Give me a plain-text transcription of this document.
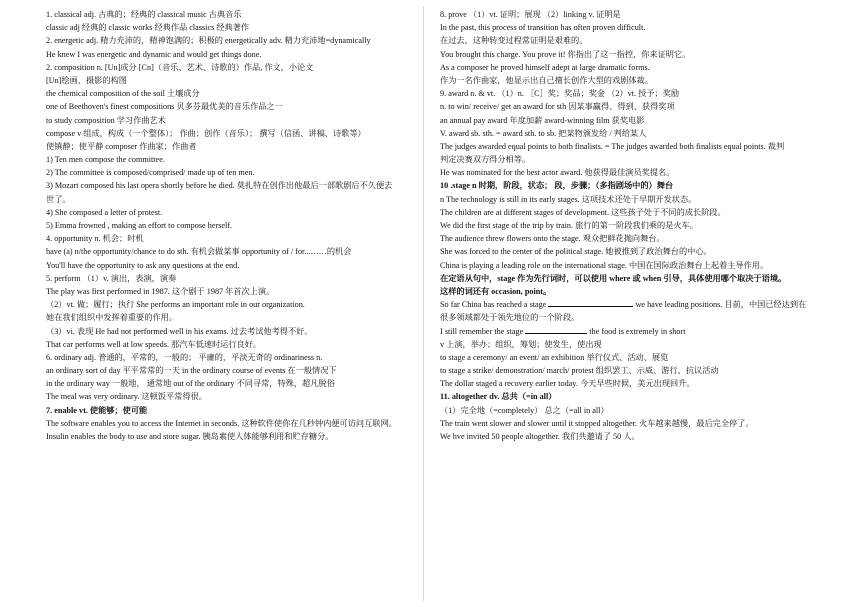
1. classical adj. 古典的；经典的 classical music 古典音乐
classic adj 经典的 classic works 经典作品 classics 经典著作
2. energetic adj. 精力充沛的，精神饱满的；积极的 energetically adv. 精力充沛地=dynamically
He knew I was energetic and dynamic and would get things done.
2. composition n. [Un]成分 [Cn]（音乐、艺术、诗歌的）作品, 作文，小论文
[Un]绘画、摄影的构图
the chemical composition of the soil 土壤成分
one of Beethoven's finest compositions 贝多芬最优美的音乐作品之一
to study composition 学习作曲艺术
compose v 组成，构成（一个整体）； 作曲；创作（音乐）； 撰写（信函、讲稿、诗歌等）
使镇静；使平静 composer 作曲家；作曲者
1) Ten men compose the committee.
2) The committee is composed/comprised/ made up of ten men.
3) Mozart composed his last opera shortly before he died. 莫扎特在创作出他最后一部歌剧后不久便去
世了。
4) She composed a letter of protest.
5) Emma frowned , making an effort to compose herself.
4. opportunity n. 机会；时机
have (a) n/the opportunity/chance to do sth. 有机会做某事 opportunity of / for...……的机会
You'll have the opportunity to ask any questions at the end.
5. perform （1）v. 演出，表演，演奏
The play was first performed in 1987. 这个剧于 1987 年首次上演。
（2）vt. 做；履行；执行 She performs an important role in our organization.
她在我们组织中发挥着重要的作用。
（3）vi. 表现 He had not performed well in his exams. 过去考试他考得不好。
That car performs well at low speeds. 那汽车低速时运行良好。
6. ordinary adj. 普通的，平常的，一般的； 平庸的，平淡无奇的 ordinariness n.
an ordinary sort of day 平平常常的一天 in the ordinary course of events 在一般情况下
in the ordinary way 一般地， 通常地 out of the ordinary 不同寻常，特殊，超凡脱俗
The meal was very ordinary. 这顿饭平常得很。
7. enable vt. 使能够；使可能
The software enables you to access the Internet in seconds. 这种软件使你在几秒钟内便可访问互联网。
Insulin enables the body to use and store sugar. 胰岛素使人体能够利用和贮存糖分。
8. prove （1）vt. 证明；展现 （2）linking v. 证明是
In the past, this process of transition has often proven difficult.
在过去，这种转变过程常证明是艰难的。
You brought this charge. You prove it! 你指出了这一指控，你来证明它。
As a composer he proved himself adept at large dramatic forms.
作为一名作曲家，他显示出自己擅长创作大型的戏剧体裁。
9. award n. & vt. （1）n. ［C］奖；奖品；奖金 （2）vt. 授予；奖励
n. to win/ receive/ get an award for sth 因某事赢得、得到、获得奖项
an annual pay award 年度加薪 award-winning film 获奖电影
V. award sb. sth. = award sth. to sb. 把某物颁发给 / 判给某人
The judges awarded equal points to both finalists. = The judges awarded both finalists equal points. 裁判
判定决赛双方得分相等。
He was nominated for the best actor award. 他获得最佳演员奖提名。
10 .stage n 时期，阶段，状态； 段，步骤；（多指剧场中的）舞台
n The technology is still in its early stages. 这项技术还处于早期开发状态。
The children are at different stages of development. 这些孩子处于不同的成长阶段。
We did the first stage of the trip by train. 旅行的第一阶段我们乘的是火车。
The audience threw flowers onto the stage. 观众把鲜花抛向舞台。
She was forced to the center of the political stage. 她被推到了政治舞台的中心。
China is playing a leading role on the international stage. 中国在国际政治舞台上起着主导作用。
在定语从句中，stage 作为先行词时，可以使用 where 或 when 引导，具体使用哪个取决于语境。
这样的词还有 occasion, point。
So far China has reached a stage	we have leading positions. 目前，中国已经达到在
很多领域都处于领先地位的一个阶段。
I still remember the stage	the food is extremely in short
v 上演，举办；组织，筹划；使发生，使出现
to stage a ceremony/ an event/ an exhibition 举行仪式、活动、展览
to stage a strike/ demonstration/ march/ protest 组织罢工、示威、游行、抗议活动
The dollar staged a recovery earlier today. 今天早些时候，美元出现回升。
11. altogether dv. 总共（=in all）
（1）完全地（=completely） 总之（=all in all）
The train went slower and slower until it stopped altogether. 火车越来越慢，最后完全停了。
We hve invited 50 people altogether. 我们共邀请了 50 人。
